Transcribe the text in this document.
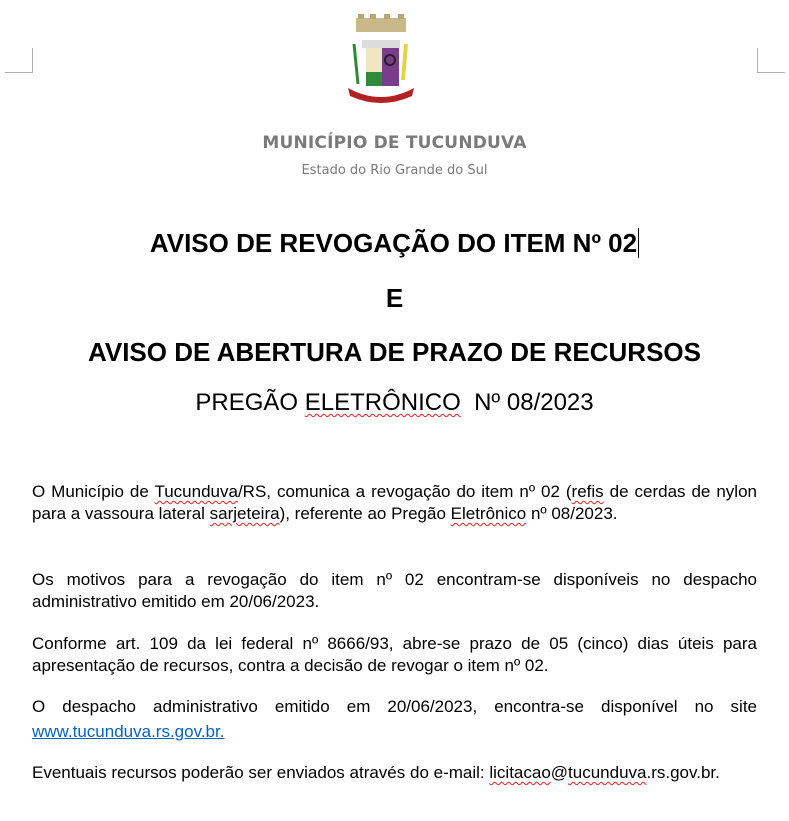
MUNICÍPIO DE TUCUNDUVA
Estado do Rio Grande do Sul
AVISO DE REVOGAÇÃO DO ITEM Nº 02
E
AVISO DE ABERTURA DE PRAZO DE RECURSOS
PREGÃO ELETRÔNICO  Nº 08/2023
O Município de Tucunduva/RS, comunica a revogação do item nº 02 (refis de cerdas de nylon para a vassoura lateral sarjeteira), referente ao Pregão Eletrônico nº 08/2023.
Os motivos para a revogação do item nº 02 encontram-se disponíveis no despacho administrativo emitido em 20/06/2023.
Conforme art. 109 da lei federal nº 8666/93, abre-se prazo de 05 (cinco) dias úteis para apresentação de recursos, contra a decisão de revogar o item nº 02.
O despacho administrativo emitido em 20/06/2023, encontra-se disponível no site www.tucunduva.rs.gov.br.
Eventuais recursos poderão ser enviados através do e-mail: licitacao@tucunduva.rs.gov.br.
